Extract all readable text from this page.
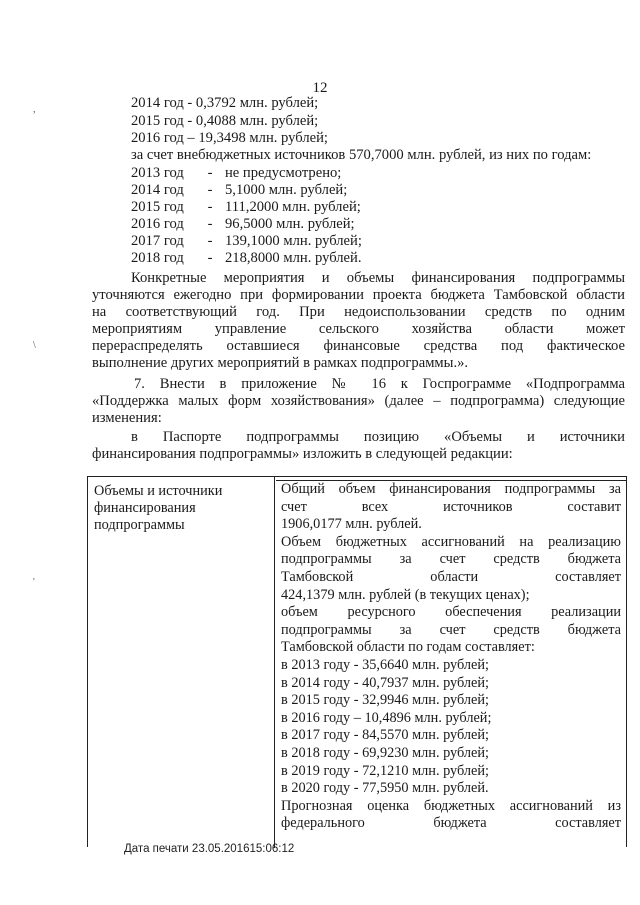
12
2014 год - 0,3792 млн. рублей;
2015 год - 0,4088 млн. рублей;
2016 год – 19,3498 млн. рублей;
за счет внебюджетных источников 570,7000 млн. рублей, из них по годам:
2013 год - не предусмотрено;
2014 год - 5,1000 млн. рублей;
2015 год - 111,2000 млн. рублей;
2016 год - 96,5000 млн. рублей;
2017 год - 139,1000 млн. рублей;
2018 год - 218,8000 млн. рублей.
Конкретные мероприятия и объемы финансирования подпрограммы
уточняются ежегодно при формировании проекта бюджета Тамбовской области
на соответствующий год. При недоиспользовании средств по одним
мероприятиям управление сельского хозяйства области может
перераспределять оставшиеся финансовые средства под фактическое
выполнение других мероприятий в рамках подпрограммы.».
7. Внести в приложение № 16 к Госпрограмме «Подпрограмма
«Поддержка малых форм хозяйствования» (далее – подпрограмма) следующие
изменения:
в Паспорте подпрограммы позицию «Объемы и источники
финансирования подпрограммы» изложить в следующей редакции:
Объемы и источники
финансирования
подпрограммы
Общий объем финансирования подпрограммы за
счет всех источников составит
1906,0177 млн. рублей.
Объем бюджетных ассигнований на реализацию
подпрограммы за счет средств бюджета
Тамбовской области составляет
424,1379 млн. рублей (в текущих ценах);
объем ресурсного обеспечения реализации
подпрограммы за счет средств бюджета
Тамбовской области по годам составляет:
в 2013 году - 35,6640 млн. рублей;
в 2014 году - 40,7937 млн. рублей;
в 2015 году - 32,9946 млн. рублей;
в 2016 году – 10,4896 млн. рублей;
в 2017 году - 84,5570 млн. рублей;
в 2018 году - 69,9230 млн. рублей;
в 2019 году - 72,1210 млн. рублей;
в 2020 году - 77,5950 млн. рублей.
Прогнозная оценка бюджетных ассигнований из
федерального бюджета составляет
Дата печати 23.05.201615:06:12
,
\
'
